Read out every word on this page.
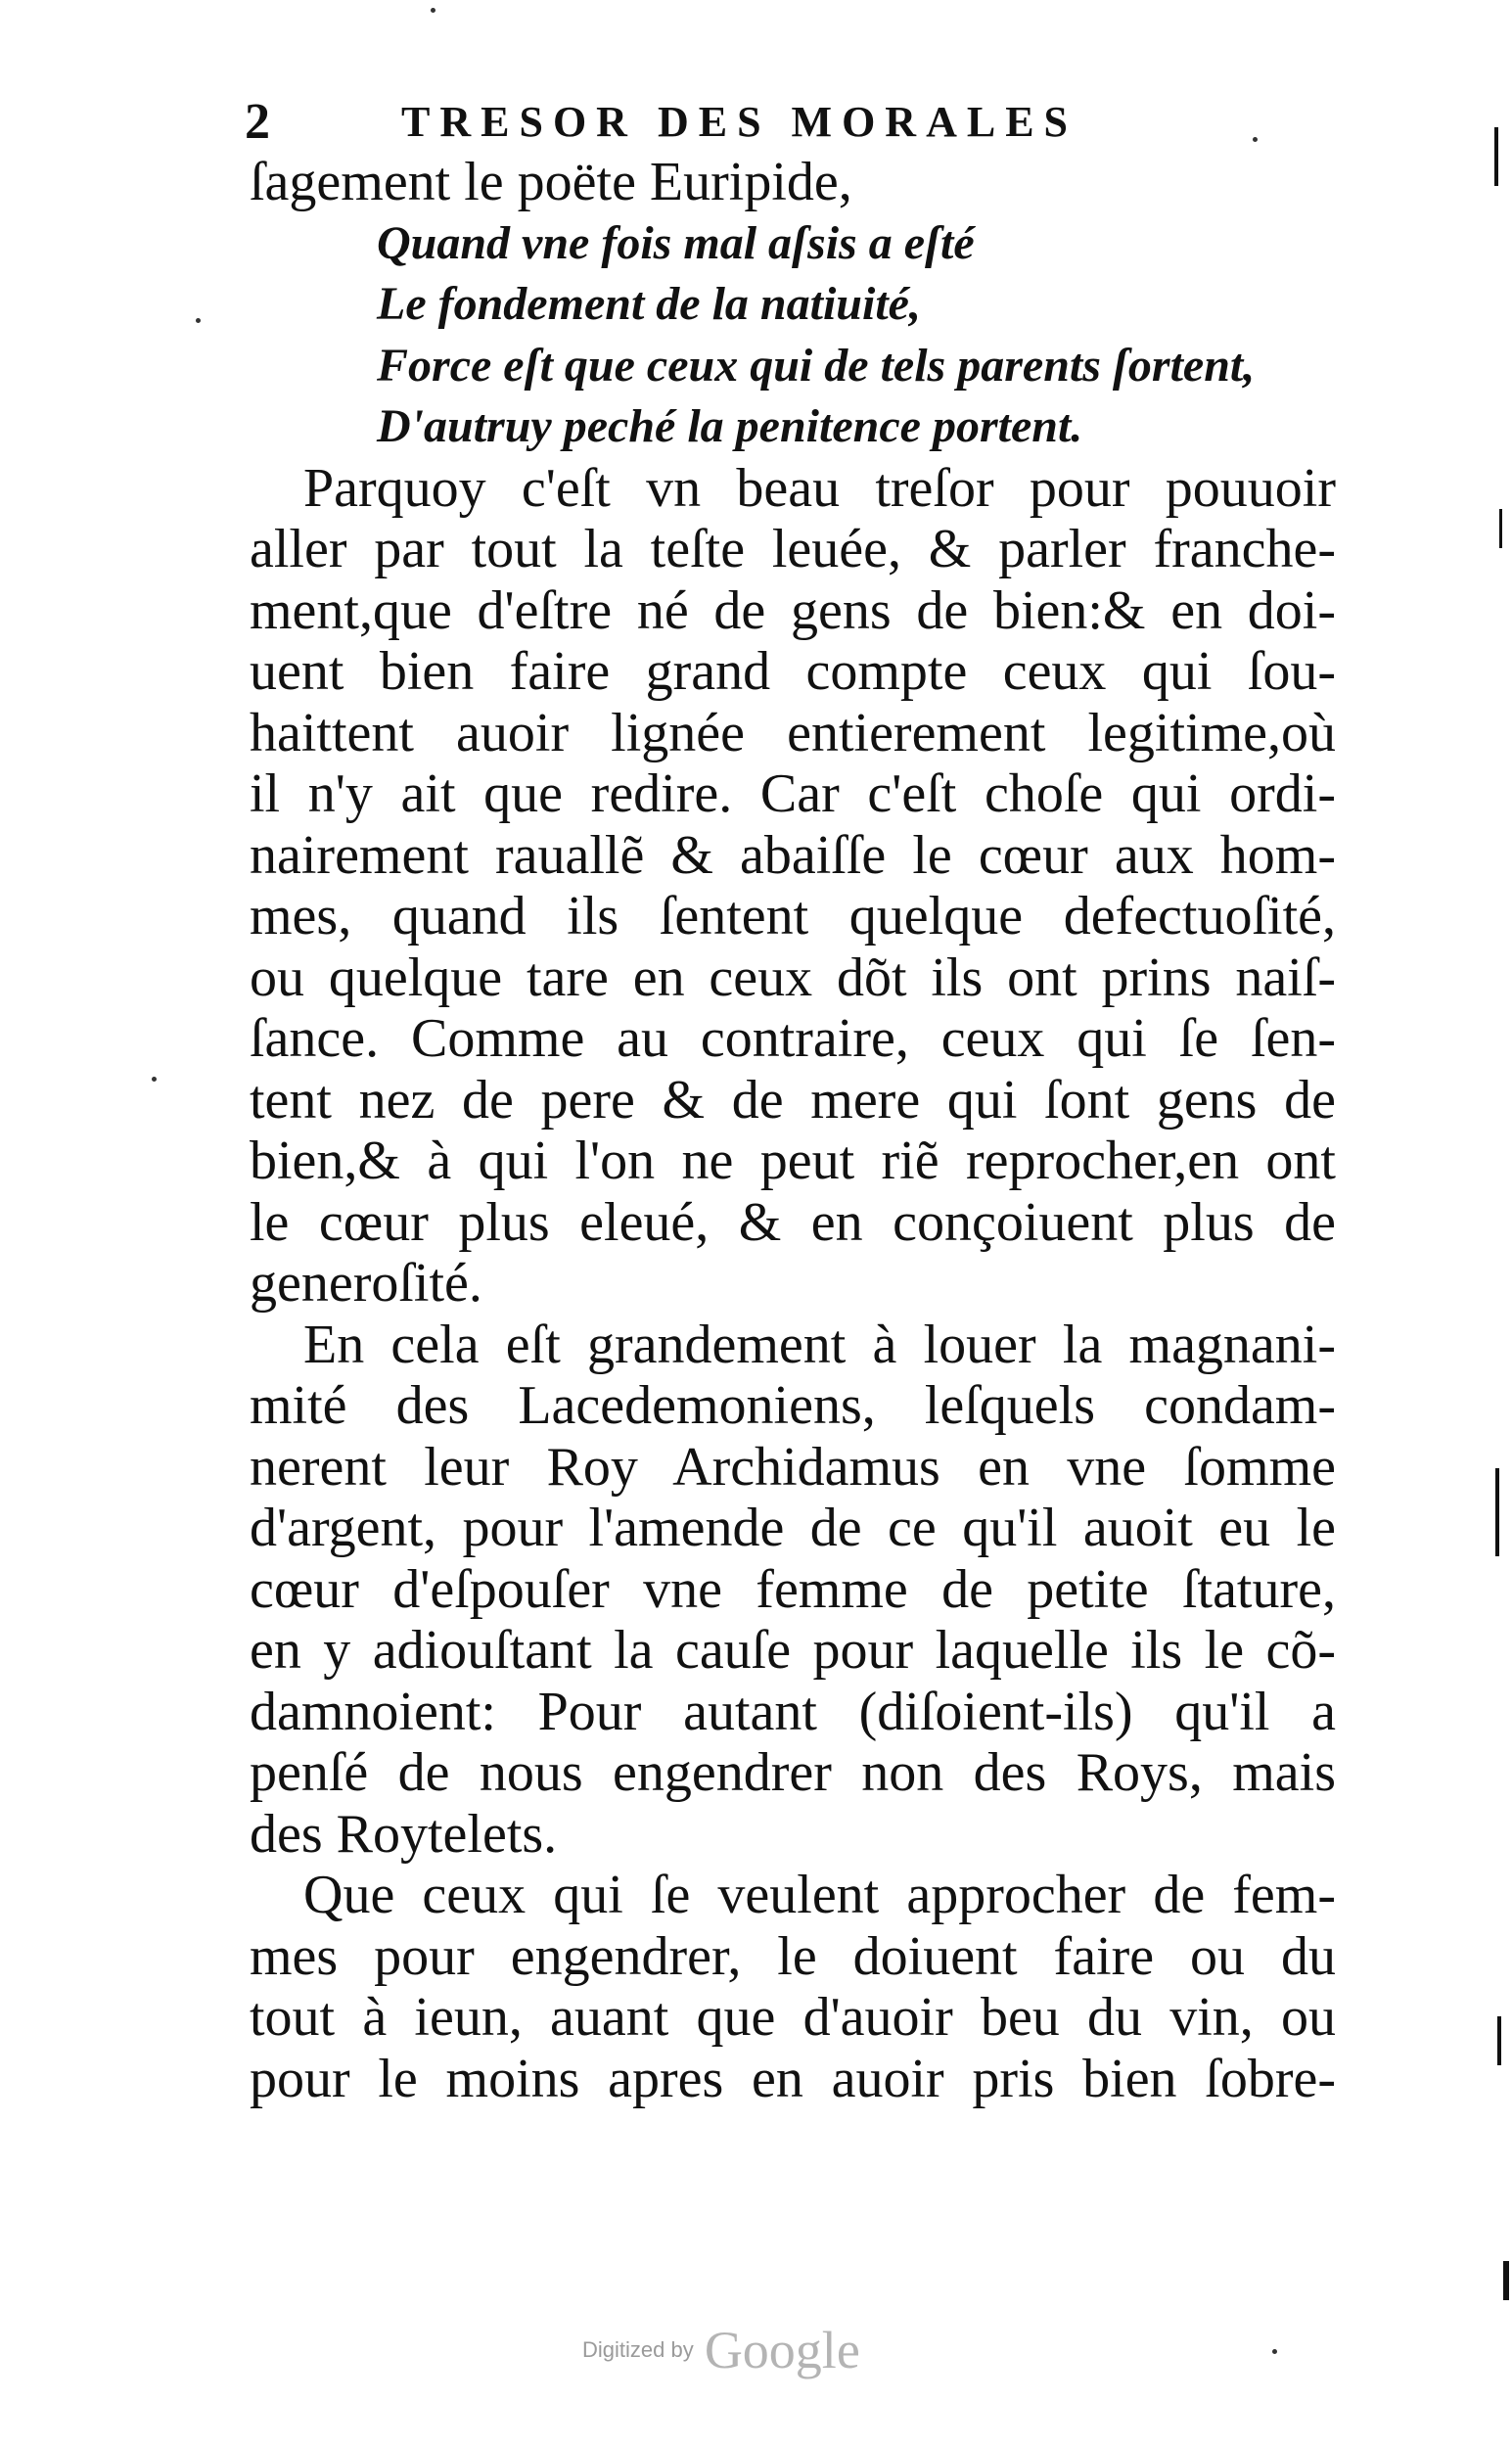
2	TRESOR DES MORALES
ſagement le poëte Euripide,
Quand vne fois mal aſsis a eſté
Le fondement de la natiuité,
Force eſt que ceux qui de tels parents ſortent,
D'autruy peché la penitence portent.
Parquoy c'eſt vn beau treſor pour pouuoir
aller par tout la teſte leuée, & parler franche-
ment,que d'eſtre né de gens de bien:& en doi-
uent bien faire grand compte ceux qui ſou-
haittent auoir lignée entierement legitime,où
il n'y ait que redire. Car c'eſt choſe qui ordi-
nairement rauallẽ & abaiſſe le cœur aux hom-
mes, quand ils ſentent quelque defectuoſité,
ou quelque tare en ceux dõt ils ont prins naiſ-
ſance. Comme au contraire, ceux qui ſe ſen-
tent nez de pere & de mere qui ſont gens de
bien,& à qui l'on ne peut riẽ reprocher,en ont
le cœur plus eleué, & en conçoiuent plus de
generoſité.
En cela eſt grandement à louer la magnani-
mité des Lacedemoniens, leſquels condam-
nerent leur Roy Archidamus en vne ſomme
d'argent, pour l'amende de ce qu'il auoit eu le
cœur d'eſpouſer vne femme de petite ſtature,
en y adiouſtant la cauſe pour laquelle ils le cõ-
damnoient: Pour autant (diſoient-ils) qu'il a
penſé de nous engendrer non des Roys, mais
des Roytelets.
Que ceux qui ſe veulent approcher de fem-
mes pour engendrer, le doiuent faire ou du
tout à ieun, auant que d'auoir beu du vin, ou
pour le moins apres en auoir pris bien ſobre-
Digitized by Google
